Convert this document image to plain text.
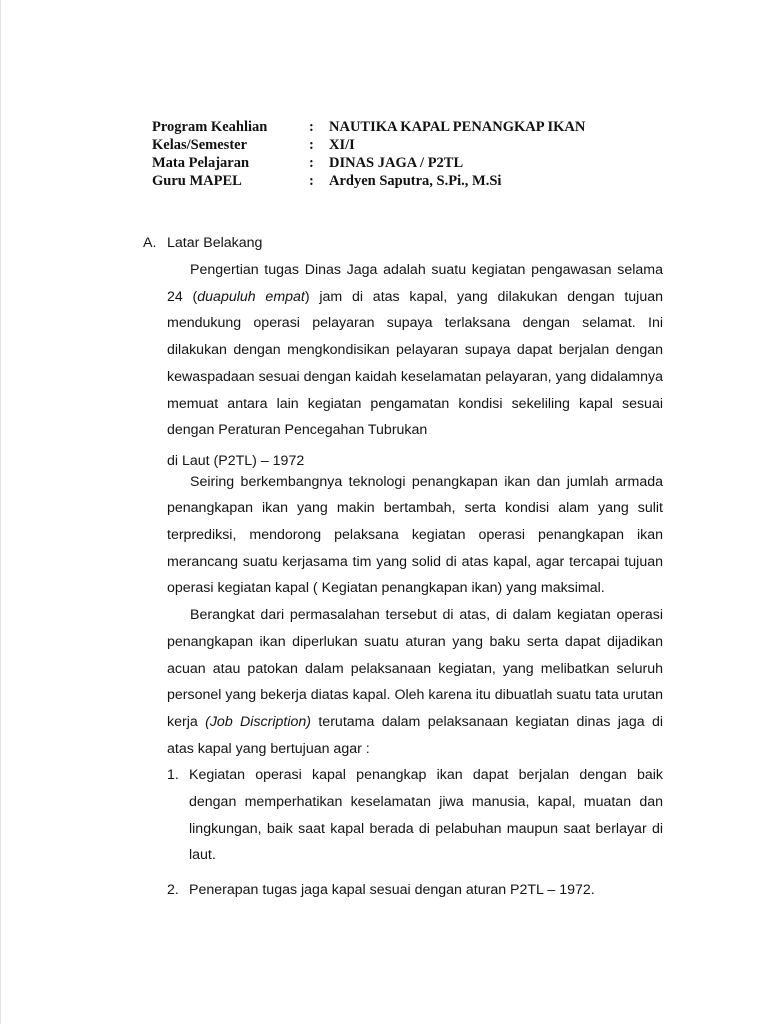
Program Keahlian	:	NAUTIKA KAPAL PENANGKAP IKAN
Kelas/Semester	:	XI/I
Mata Pelajaran	:	DINAS JAGA / P2TL
Guru MAPEL	:	Ardyen Saputra, S.Pi., M.Si
A. Latar Belakang
Pengertian tugas Dinas Jaga adalah suatu kegiatan pengawasan selama 24 (duapuluh empat) jam di atas kapal, yang dilakukan dengan tujuan mendukung operasi pelayaran supaya terlaksana dengan selamat. Ini dilakukan dengan mengkondisikan pelayaran supaya dapat berjalan dengan kewaspadaan sesuai dengan kaidah keselamatan pelayaran, yang didalamnya memuat antara lain kegiatan pengamatan kondisi sekeliling kapal sesuai dengan Peraturan Pencegahan Tubrukan
di Laut (P2TL) – 1972
Seiring berkembangnya teknologi penangkapan ikan dan jumlah armada penangkapan ikan yang makin bertambah, serta kondisi alam yang sulit terprediksi, mendorong pelaksana kegiatan operasi penangkapan ikan merancang suatu kerjasama tim yang solid di atas kapal, agar tercapai tujuan operasi kegiatan kapal ( Kegiatan penangkapan ikan) yang maksimal.
Berangkat dari permasalahan tersebut di atas, di dalam kegiatan operasi penangkapan ikan diperlukan suatu aturan yang baku serta dapat dijadikan acuan atau patokan dalam pelaksanaan kegiatan, yang melibatkan seluruh personel yang bekerja diatas kapal. Oleh karena itu dibuatlah suatu tata urutan kerja (Job Discription) terutama dalam pelaksanaan kegiatan dinas jaga di atas kapal yang bertujuan agar :
1. Kegiatan operasi kapal penangkap ikan dapat berjalan dengan baik dengan memperhatikan keselamatan jiwa manusia, kapal, muatan dan lingkungan, baik saat kapal berada di pelabuhan maupun saat berlayar di laut.
2. Penerapan tugas jaga kapal sesuai dengan aturan P2TL – 1972.
